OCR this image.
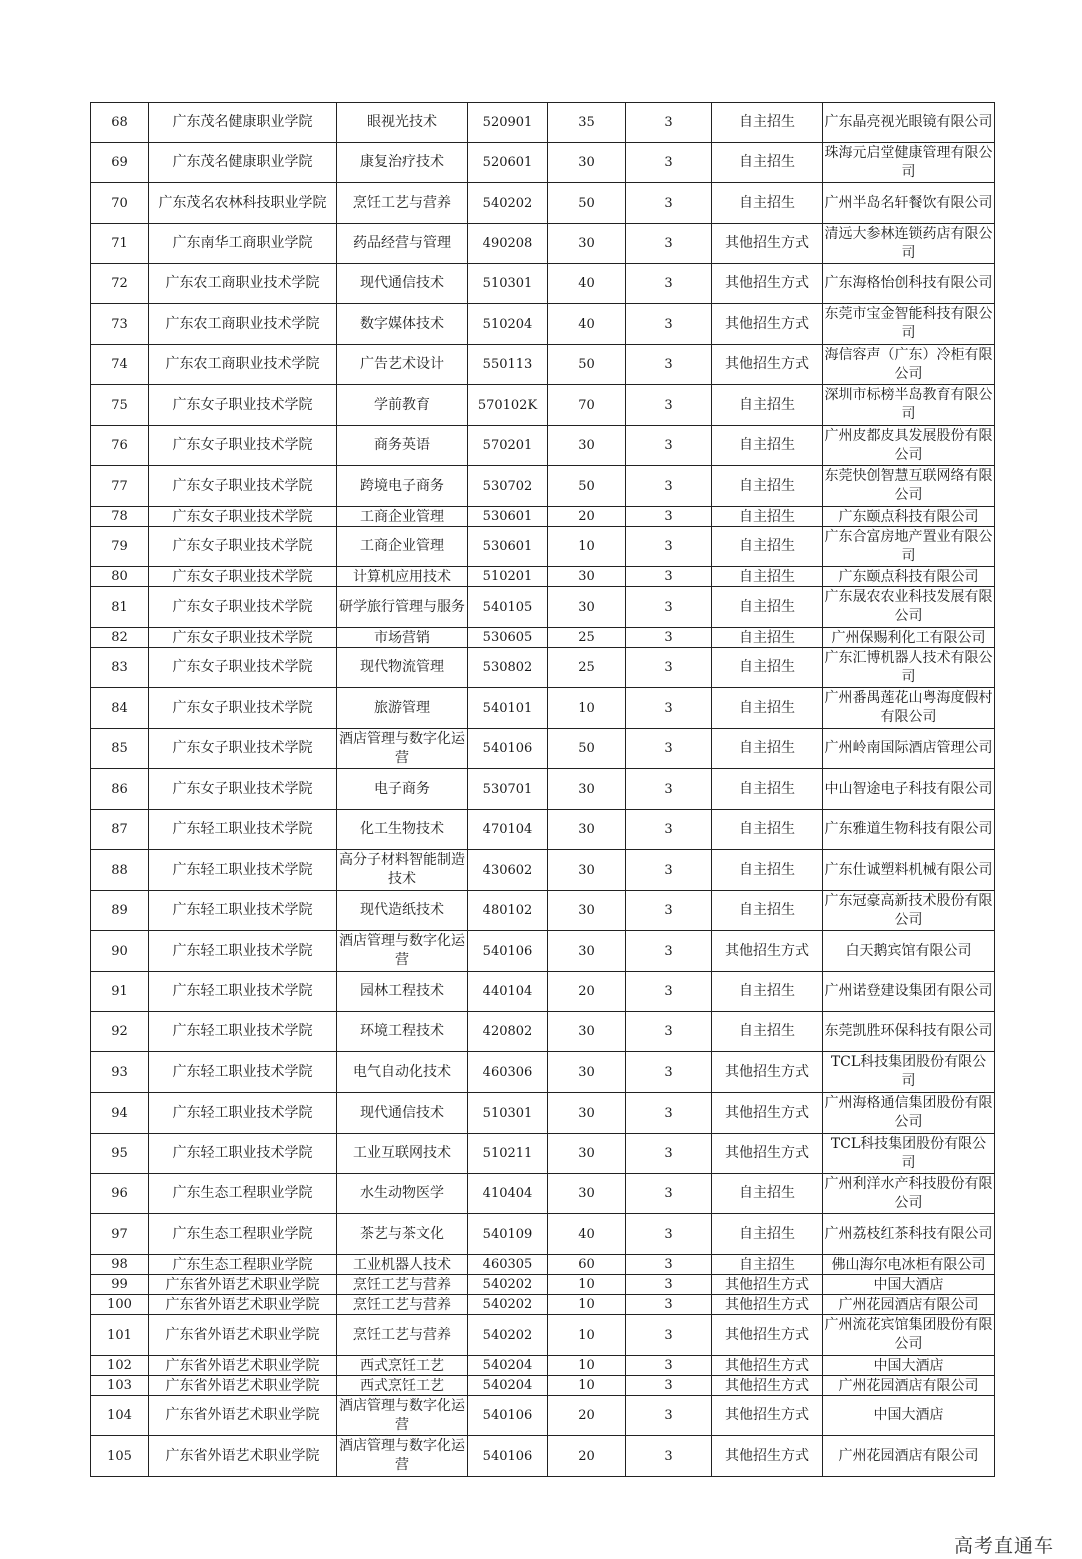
68	广东茂名健康职业学院	眼视光技术	520901	35	3	自主招生	广东晶亮视光眼镜有限公司
69	广东茂名健康职业学院	康复治疗技术	520601	30	3	自主招生	珠海元启堂健康管理有限公司
70	广东茂名农林科技职业学院	烹饪工艺与营养	540202	50	3	自主招生	广州半岛名轩餐饮有限公司
71	广东南华工商职业学院	药品经营与管理	490208	30	3	其他招生方式	清远大参林连锁药店有限公司
72	广东农工商职业技术学院	现代通信技术	510301	40	3	其他招生方式	广东海格怡创科技有限公司
73	广东农工商职业技术学院	数字媒体技术	510204	40	3	其他招生方式	东莞市宝金智能科技有限公司
74	广东农工商职业技术学院	广告艺术设计	550113	50	3	其他招生方式	海信容声（广东）冷柜有限公司
75	广东女子职业技术学院	学前教育	570102K	70	3	自主招生	深圳市标榜半岛教育有限公司
76	广东女子职业技术学院	商务英语	570201	30	3	自主招生	广州皮都皮具发展股份有限公司
77	广东女子职业技术学院	跨境电子商务	530702	50	3	自主招生	东莞快创智慧互联网络有限公司
78	广东女子职业技术学院	工商企业管理	530601	20	3	自主招生	广东颐点科技有限公司
79	广东女子职业技术学院	工商企业管理	530601	10	3	自主招生	广东合富房地产置业有限公司
80	广东女子职业技术学院	计算机应用技术	510201	30	3	自主招生	广东颐点科技有限公司
81	广东女子职业技术学院	研学旅行管理与服务	540105	30	3	自主招生	广东晟农农业科技发展有限公司
82	广东女子职业技术学院	市场营销	530605	25	3	自主招生	广州保赐利化工有限公司
83	广东女子职业技术学院	现代物流管理	530802	25	3	自主招生	广东汇博机器人技术有限公司
84	广东女子职业技术学院	旅游管理	540101	10	3	自主招生	广州番禺莲花山粤海度假村有限公司
85	广东女子职业技术学院	酒店管理与数字化运营	540106	50	3	自主招生	广州岭南国际酒店管理公司
86	广东女子职业技术学院	电子商务	530701	30	3	自主招生	中山智途电子科技有限公司
87	广东轻工职业技术学院	化工生物技术	470104	30	3	自主招生	广东雅道生物科技有限公司
88	广东轻工职业技术学院	高分子材料智能制造技术	430602	30	3	自主招生	广东仕诚塑料机械有限公司
89	广东轻工职业技术学院	现代造纸技术	480102	30	3	自主招生	广东冠豪高新技术股份有限公司
90	广东轻工职业技术学院	酒店管理与数字化运营	540106	30	3	其他招生方式	白天鹅宾馆有限公司
91	广东轻工职业技术学院	园林工程技术	440104	20	3	自主招生	广州诺登建设集团有限公司
92	广东轻工职业技术学院	环境工程技术	420802	30	3	自主招生	东莞凯胜环保科技有限公司
93	广东轻工职业技术学院	电气自动化技术	460306	30	3	其他招生方式	TCL科技集团股份有限公司
94	广东轻工职业技术学院	现代通信技术	510301	30	3	其他招生方式	广州海格通信集团股份有限公司
95	广东轻工职业技术学院	工业互联网技术	510211	30	3	其他招生方式	TCL科技集团股份有限公司
96	广东生态工程职业学院	水生动物医学	410404	30	3	自主招生	广州利洋水产科技股份有限公司
97	广东生态工程职业学院	茶艺与茶文化	540109	40	3	自主招生	广州荔枝红茶科技有限公司
98	广东生态工程职业学院	工业机器人技术	460305	60	3	自主招生	佛山海尔电冰柜有限公司
99	广东省外语艺术职业学院	烹饪工艺与营养	540202	10	3	其他招生方式	中国大酒店
100	广东省外语艺术职业学院	烹饪工艺与营养	540202	10	3	其他招生方式	广州花园酒店有限公司
101	广东省外语艺术职业学院	烹饪工艺与营养	540202	10	3	其他招生方式	广州流花宾馆集团股份有限公司
102	广东省外语艺术职业学院	西式烹饪工艺	540204	10	3	其他招生方式	中国大酒店
103	广东省外语艺术职业学院	西式烹饪工艺	540204	10	3	其他招生方式	广州花园酒店有限公司
104	广东省外语艺术职业学院	酒店管理与数字化运营	540106	20	3	其他招生方式	中国大酒店
105	广东省外语艺术职业学院	酒店管理与数字化运营	540106	20	3	其他招生方式	广州花园酒店有限公司
高考直通车
